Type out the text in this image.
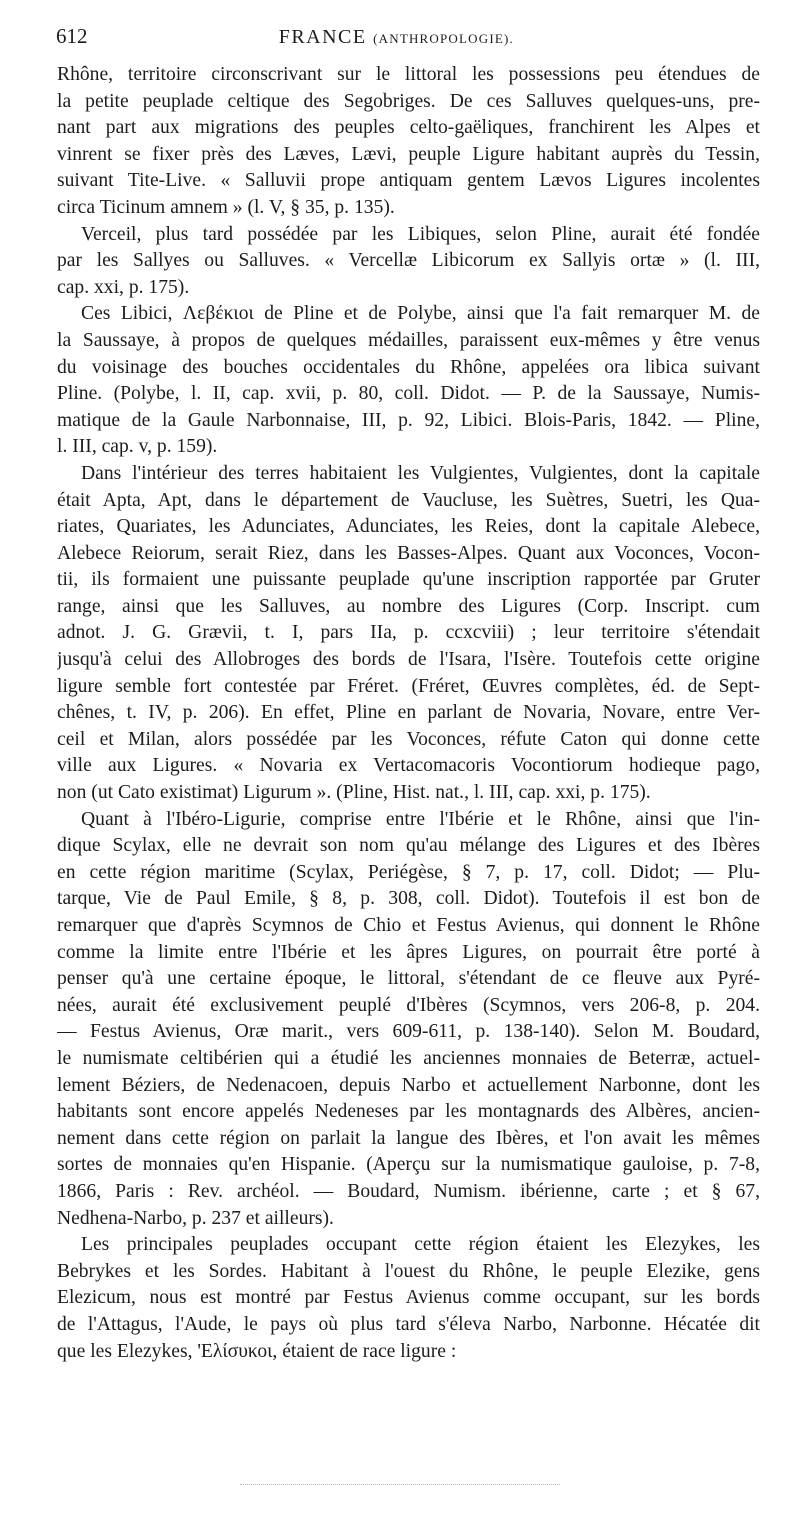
612	FRANCE (ANTHROPOLOGIE).
Rhône, territoire circonscrivant sur le littoral les possessions peu étendues de
la petite peuplade celtique des Segobriges. De ces Salluves quelques-uns, pre-
nant part aux migrations des peuples celto-gaëliques, franchirent les Alpes et
vinrent se fixer près des Læves, Lævi, peuple Ligure habitant auprès du Tessin,
suivant Tite-Live. « Salluvii prope antiquam gentem Lævos Ligures incolentes
circa Ticinum amnem » (l. V, § 35, p. 135).
Verceil, plus tard possédée par les Libiques, selon Pline, aurait été fondée
par les Sallyes ou Salluves. « Vercellæ Libicorum ex Sallyis ortæ » (l. III,
cap. xxi, p. 175).
Ces Libici, Λεβέκιοι de Pline et de Polybe, ainsi que l'a fait remarquer M. de
la Saussaye, à propos de quelques médailles, paraissent eux-mêmes y être venus
du voisinage des bouches occidentales du Rhône, appelées ora libica suivant
Pline. (Polybe, l. II, cap. xvii, p. 80, coll. Didot. — P. de la Saussaye, Numis-
matique de la Gaule Narbonnaise, III, p. 92, Libici. Blois-Paris, 1842. — Pline,
l. III, cap. v, p. 159).
Dans l'intérieur des terres habitaient les Vulgientes, Vulgientes, dont la capitale
était Apta, Apt, dans le département de Vaucluse, les Suètres, Suetri, les Qua-
riates, Quariates, les Adunciates, Adunciates, les Reies, dont la capitale Alebece,
Alebece Reiorum, serait Riez, dans les Basses-Alpes. Quant aux Voconces, Vocon-
tii, ils formaient une puissante peuplade qu'une inscription rapportée par Gruter
range, ainsi que les Salluves, au nombre des Ligures (Corp. Inscript. cum
adnot. J. G. Grævii, t. I, pars IIa, p. ccxcviii) ; leur territoire s'étendait
jusqu'à celui des Allobroges des bords de l'Isara, l'Isère. Toutefois cette origine
ligure semble fort contestée par Fréret. (Fréret, Œuvres complètes, éd. de Sept-
chênes, t. IV, p. 206). En effet, Pline en parlant de Novaria, Novare, entre Ver-
ceil et Milan, alors possédée par les Voconces, réfute Caton qui donne cette
ville aux Ligures. « Novaria ex Vertacomacoris Vocontiorum hodieque pago,
non (ut Cato existimat) Ligurum ». (Pline, Hist. nat., l. III, cap. xxi, p. 175).
Quant à l'Ibéro-Ligurie, comprise entre l'Ibérie et le Rhône, ainsi que l'in-
dique Scylax, elle ne devrait son nom qu'au mélange des Ligures et des Ibères
en cette région maritime (Scylax, Periégèse, § 7, p. 17, coll. Didot; — Plu-
tarque, Vie de Paul Emile, § 8, p. 308, coll. Didot). Toutefois il est bon de
remarquer que d'après Scymnos de Chio et Festus Avienus, qui donnent le Rhône
comme la limite entre l'Ibérie et les âpres Ligures, on pourrait être porté à
penser qu'à une certaine époque, le littoral, s'étendant de ce fleuve aux Pyré-
nées, aurait été exclusivement peuplé d'Ibères (Scymnos, vers 206-8, p. 204.
— Festus Avienus, Oræ marit., vers 609-611, p. 138-140). Selon M. Boudard,
le numismate celtibérien qui a étudié les anciennes monnaies de Beterræ, actuel-
lement Béziers, de Nedenacoen, depuis Narbo et actuellement Narbonne, dont les
habitants sont encore appelés Nedeneses par les montagnards des Albères, ancien-
nement dans cette région on parlait la langue des Ibères, et l'on avait les mêmes
sortes de monnaies qu'en Hispanie. (Aperçu sur la numismatique gauloise, p. 7-8,
1866, Paris : Rev. archéol. — Boudard, Numism. ibérienne, carte ; et § 67,
Nedhena-Narbo, p. 237 et ailleurs).
Les principales peuplades occupant cette région étaient les Elezykes, les
Bebrykes et les Sordes. Habitant à l'ouest du Rhône, le peuple Elezike, gens
Elezicum, nous est montré par Festus Avienus comme occupant, sur les bords
de l'Attagus, l'Aude, le pays où plus tard s'éleva Narbo, Narbonne. Hécatée dit
que les Elezykes, 'Ελίσυκοι, étaient de race ligure :
